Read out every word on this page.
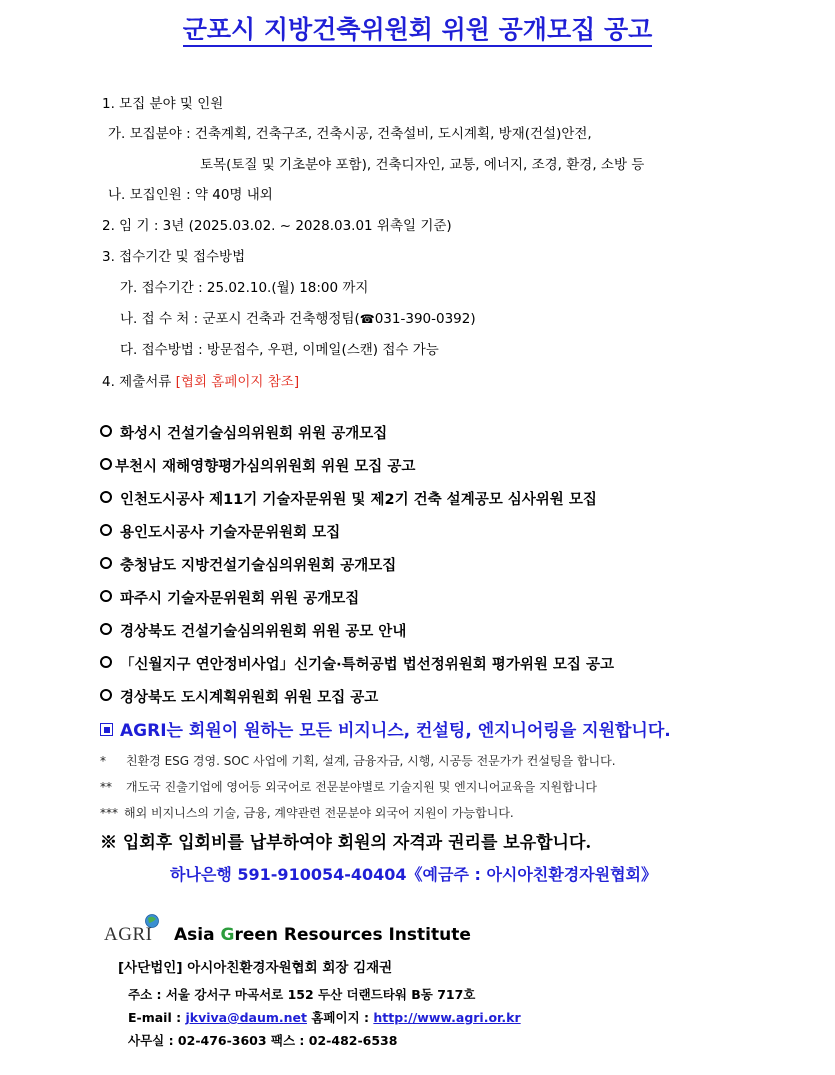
군포시 지방건축위원회 위원 공개모집 공고
1. 모집 분야 및 인원
가. 모집분야 : 건축계획, 건축구조, 건축시공, 건축설비, 도시계획, 방재(건설)안전,
토목(토질 및 기초분야 포함), 건축디자인, 교통, 에너지, 조경, 환경, 소방 등
나. 모집인원 : 약 40명 내외
2. 임 기 : 3년 (2025.03.02. ~ 2028.03.01 위촉일 기준)
3. 접수기간 및 접수방법
가. 접수기간 : 25.02.10.(월) 18:00 까지
나. 접 수 처 : 군포시 건축과 건축행정팀(☎031-390-0392)
다. 접수방법 : 방문접수, 우편, 이메일(스캔) 접수 가능
4. 제출서류 [협회 홈페이지 참조]
화성시 건설기술심의위원회 위원 공개모집
부천시 재해영향평가심의위원회 위원 모집 공고
인천도시공사 제11기 기술자문위원 및 제2기 건축 설계공모 심사위원 모집
용인도시공사 기술자문위원회 모집
충청남도 지방건설기술심의위원회 공개모집
파주시 기술자문위원회 위원 공개모집
경상북도 건설기술심의위원회 위원 공모 안내
「신월지구 연안정비사업」신기술·특허공법 법선정위원회 평가위원 모집 공고
경상북도 도시계획위원회 위원 모집 공고
AGRI는 회원이 원하는 모든 비지니스, 컨설팅, 엔지니어링을 지원합니다.
* 친환경 ESG 경영. SOC 사업에 기획, 설계, 금융자금, 시행, 시공등 전문가가 컨설팅을 합니다.
** 개도국 진출기업에 영어등 외국어로 전문분야별로 기술지원 및 엔지니어교육을 지원합니다
*** 해외 비지니스의 기술, 금융, 계약관련 전문분야 외국어 지원이 가능합니다.
※ 입회후 입회비를 납부하여야 회원의 자격과 권리를 보유합니다.
하나은행 591-910054-40404《예금주 : 아시아친환경자원협회》
AGRI Asia Green Resources Institute
[사단법인] 아시아친환경자원협회 회장 김재권
주소 : 서울 강서구 마곡서로 152 두산 더랜드타워 B동 717호
E-mail : jkviva@daum.net 홈페이지 : http://www.agri.or.kr
사무실 : 02-476-3603 팩스 : 02-482-6538
